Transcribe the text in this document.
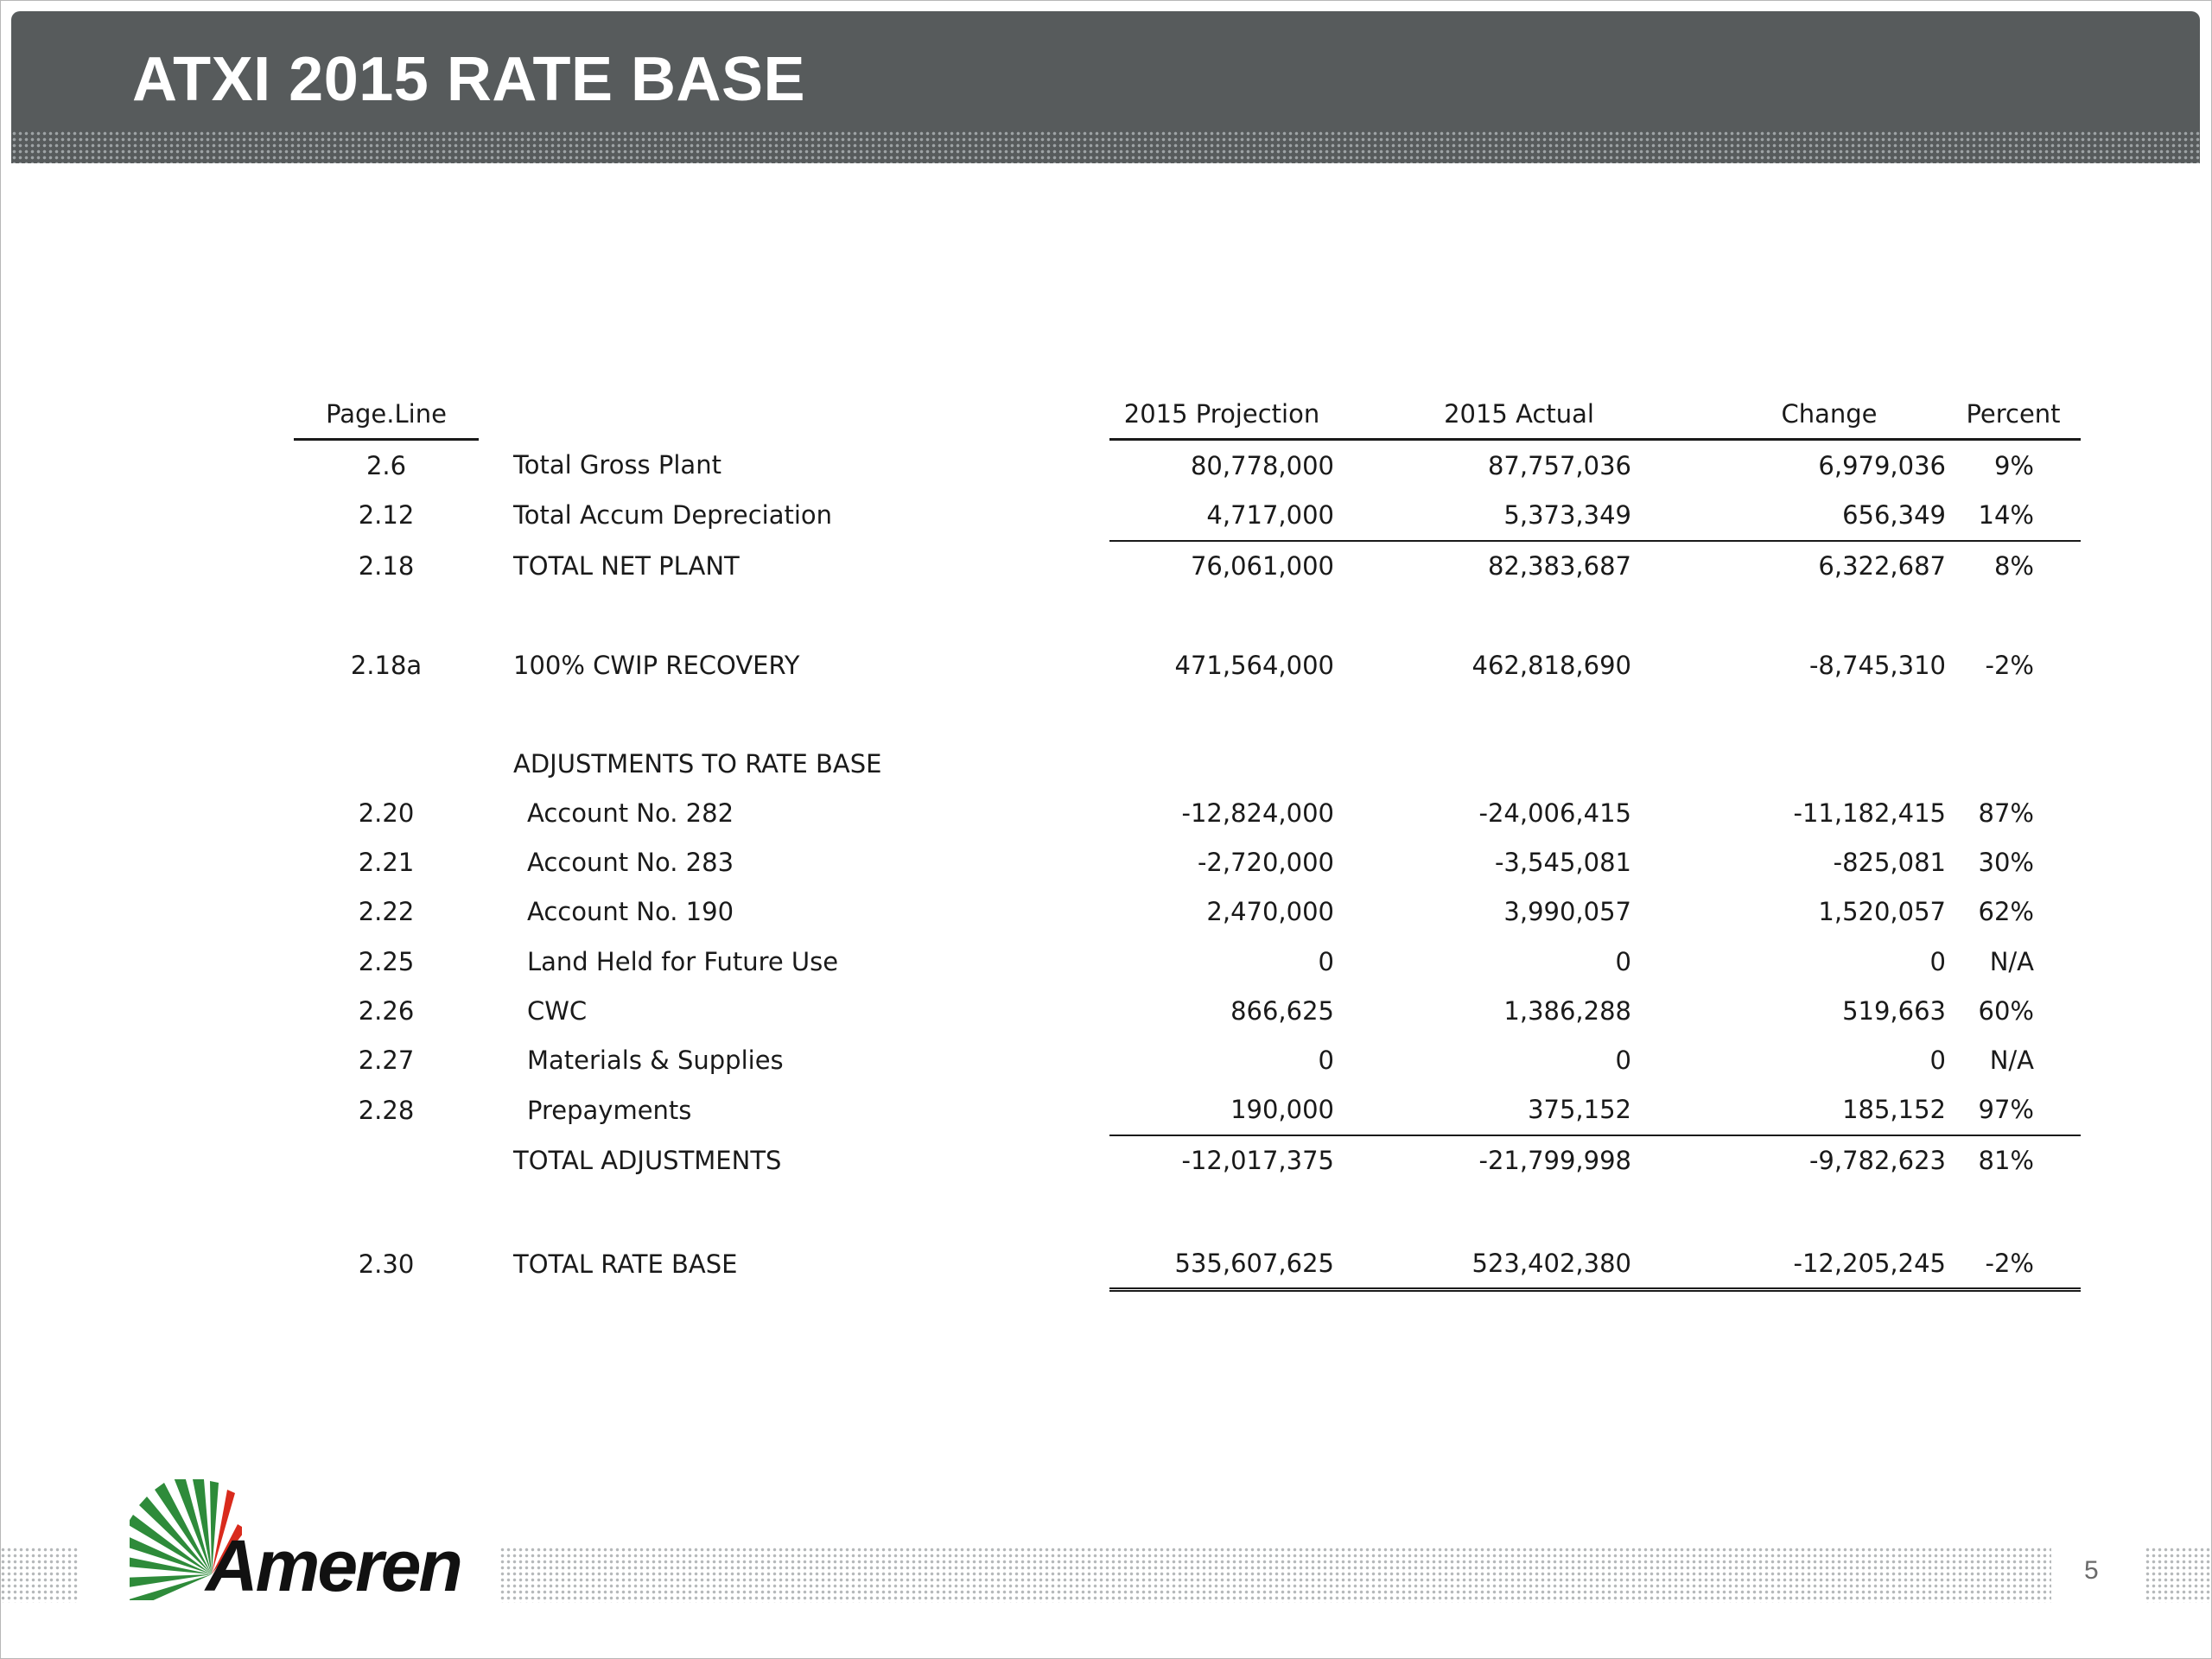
ATXI 2015 RATE BASE
Page.Line			2015 Projection		2015 Actual		Change	Percent
2.6		Total Gross Plant	80,778,000		87,757,036		6,979,036	9%
2.12		Total Accum Depreciation	4,717,000		5,373,349		656,349	14%
2.18		TOTAL NET PLANT	76,061,000		82,383,687		6,322,687	8%

2.18a		100% CWIP RECOVERY	471,564,000		462,818,690		-8,745,310	-2%

		ADJUSTMENTS TO RATE BASE						
2.20		Account No. 282	-12,824,000		-24,006,415		-11,182,415	87%
2.21		Account No. 283	-2,720,000		-3,545,081		-825,081	30%
2.22		Account No. 190	2,470,000		3,990,057		1,520,057	62%
2.25		Land Held for Future Use	0		0		0	N/A
2.26		CWC	866,625		1,386,288		519,663	60%
2.27		Materials & Supplies	0		0		0	N/A
2.28		Prepayments	190,000		375,152		185,152	97%
		TOTAL ADJUSTMENTS	-12,017,375		-21,799,998		-9,782,623	81%

2.30		TOTAL RATE BASE	535,607,625		523,402,380		-12,205,245	-2%

Ameren	5
